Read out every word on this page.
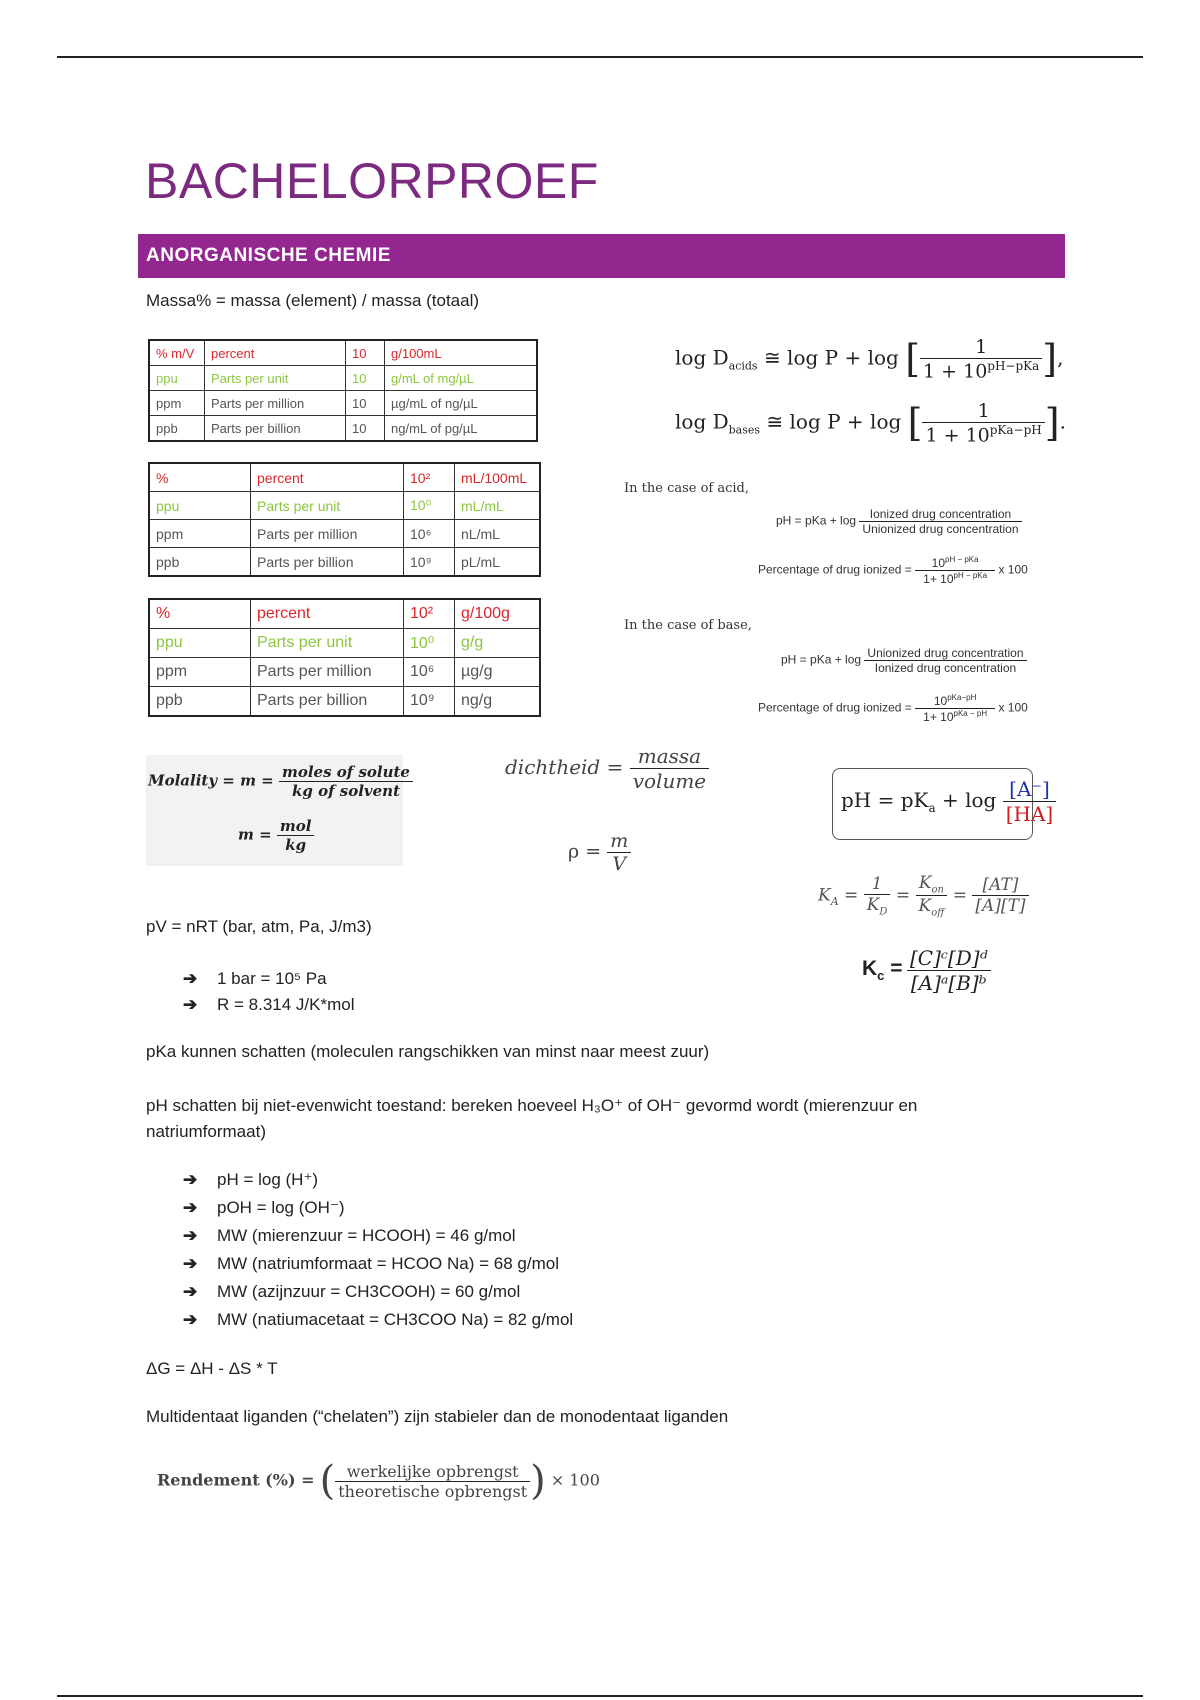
BACHELORPROEF
ANORGANISCHE CHEMIE
Massa% = massa (element) / massa (totaal)
% m/V	percent	10	g/100mL
ppu	Parts per unit	10	g/mL of mg/µL
ppm	Parts per million	10	µg/mL of ng/µL
ppb	Parts per billion	10	ng/mL of pg/µL
%	percent	10²	mL/100mL
ppu	Parts per unit	10⁰	mL/mL
ppm	Parts per million	10⁶	nL/mL
ppb	Parts per billion	10⁹	pL/mL
%	percent	10²	g/100g
ppu	Parts per unit	10⁰	g/g
ppm	Parts per million	10⁶	µg/g
ppb	Parts per billion	10⁹	ng/g
$\log D_{acids}$ ≅ log P + log [ $\frac{1}{1 + 10^{pH-pKa}}$ ],
$\log D_{bases}$ ≅ log P + log [ $\frac{1}{1 + 10^{pKa-pH}}$ ].
In the case of acid,
pH = pKa + $\log \frac{\text{Ionized drug concentration}}{\text{Unionized drug concentration}}$
Percentage of drug ionized = $\frac{10^{pH - pKa}}{1+ 10^{pH - pKa}}$ x 100
In the case of base,
pH = pKa + $\log \frac{\text{Unionized drug concentration}}{\text{Ionized drug concentration}}$
Percentage of drug ionized = $\frac{10^{pKa-pH}}{1+ 10^{pKa - pH}}$ x 100
Molality = $m = \frac{\text{moles of solute}}{\text{kg of solvent}}$
$m = \frac{\text{mol}}{kg}$
dichtheid = $\frac{\text{massa}}{\text{volume}}$
$\rho = \frac{m}{V}$
pH = $pK_a + \log \frac{[A^-]}{[HA]}$
$K_A = \frac{1}{K_D} = \frac{K_{on}}{K_{off}} = \frac{[AT]}{[A][T]}$
$K_c = \frac{\text{[C]ᶜ[D]ᵈ}}{\text{[A]ᵃ[B]ᵇ}}$
pV = nRT (bar, atm, Pa, J/m3)
➔ 1 bar = 10⁵ Pa
➔ R = 8.314 J/K*mol
pKa kunnen schatten (moleculen rangschikken van minst naar meest zuur)
pH schatten bij niet-evenwicht toestand: bereken hoeveel H₃O⁺ of OH⁻ gevormd wordt (mierenzuur en natriumformaat)
➔ pH = log (H⁺)
➔ pOH = log (OH⁻)
➔ MW (mierenzuur = HCOOH) = 46 g/mol
➔ MW (natriumformaat = HCOO Na) = 68 g/mol
➔ MW (azijnzuur = CH3COOH) = 60 g/mol
➔ MW (natiumacetaat = CH3COO Na) = 82 g/mol
ΔG = ΔH - ΔS * T
Multidentaat liganden (“chelaten”) zijn stabieler dan de monodentaat liganden
Rendement (%) = ( $\frac{\text{werkelijke opbrengst}}{\text{theoretische opbrengst}}$ ) × 100
